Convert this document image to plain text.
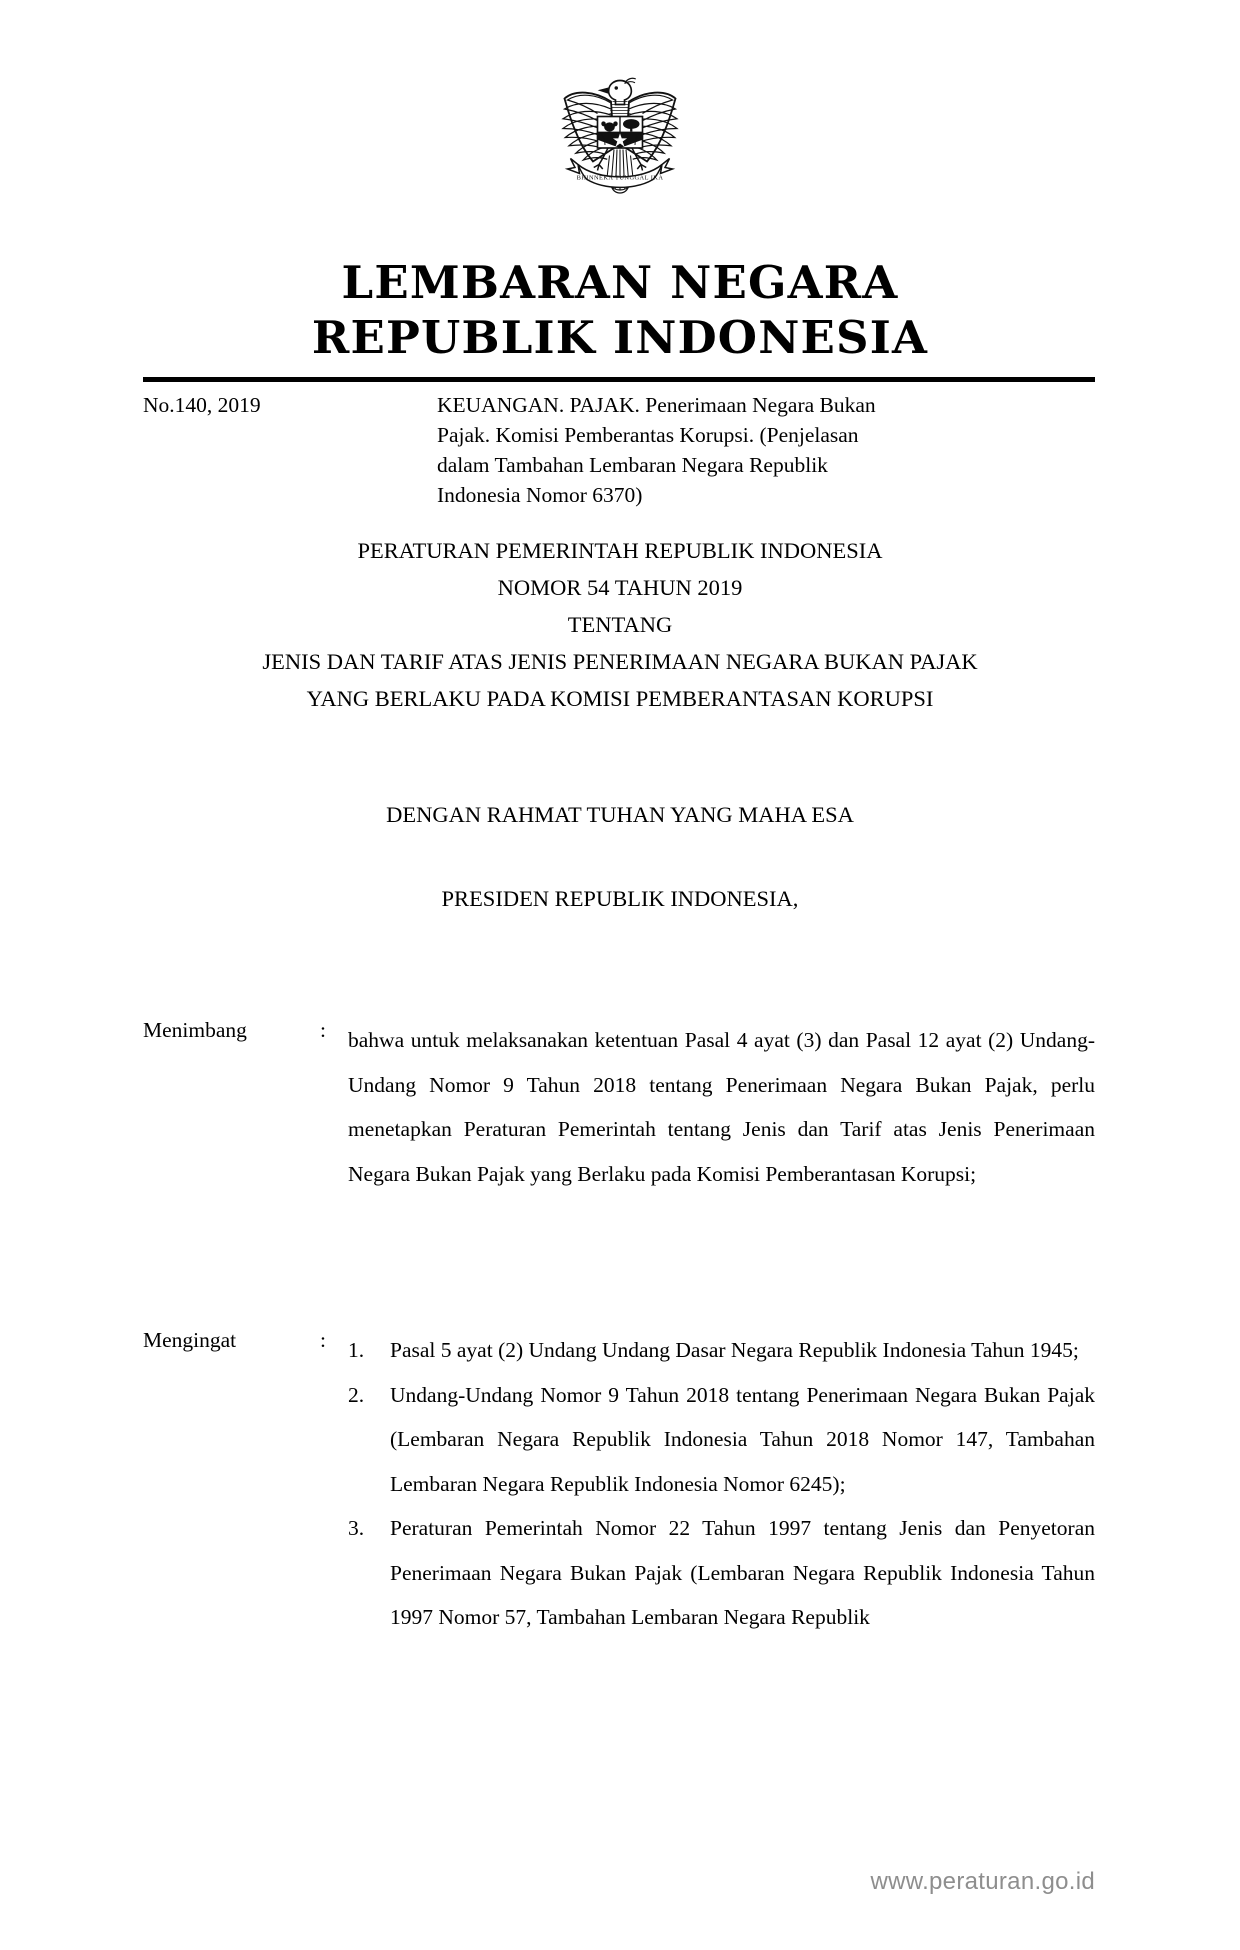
BHINNEKA TUNGGAL IKA
LEMBARAN NEGARA
REPUBLIK INDONESIA
No.140, 2019	KEUANGAN. PAJAK. Penerimaan Negara Bukan
Pajak. Komisi Pemberantas Korupsi. (Penjelasan
dalam Tambahan Lembaran Negara Republik
Indonesia Nomor 6370)
PERATURAN PEMERINTAH REPUBLIK INDONESIA
NOMOR 54 TAHUN 2019
TENTANG
JENIS DAN TARIF ATAS JENIS PENERIMAAN NEGARA BUKAN PAJAK
YANG BERLAKU PADA KOMISI PEMBERANTASAN KORUPSI
DENGAN RAHMAT TUHAN YANG MAHA ESA
PRESIDEN REPUBLIK INDONESIA,
Menimbang	: bahwa untuk melaksanakan ketentuan Pasal 4 ayat (3) dan Pasal 12 ayat (2) Undang-Undang Nomor 9 Tahun 2018 tentang Penerimaan Negara Bukan Pajak, perlu menetapkan Peraturan Pemerintah tentang Jenis dan Tarif atas Jenis Penerimaan Negara Bukan Pajak yang Berlaku pada Komisi Pemberantasan Korupsi;

Mengingat	: 1.	Pasal 5 ayat (2) Undang Undang Dasar Negara Republik Indonesia Tahun 1945;
2.	Undang-Undang Nomor 9 Tahun 2018 tentang Penerimaan Negara Bukan Pajak (Lembaran Negara Republik Indonesia Tahun 2018 Nomor 147, Tambahan Lembaran Negara Republik Indonesia Nomor 6245);
3.	Peraturan Pemerintah Nomor 22 Tahun 1997 tentang Jenis dan Penyetoran Penerimaan Negara Bukan Pajak (Lembaran Negara Republik Indonesia Tahun 1997 Nomor 57, Tambahan Lembaran Negara Republik
www.peraturan.go.id
